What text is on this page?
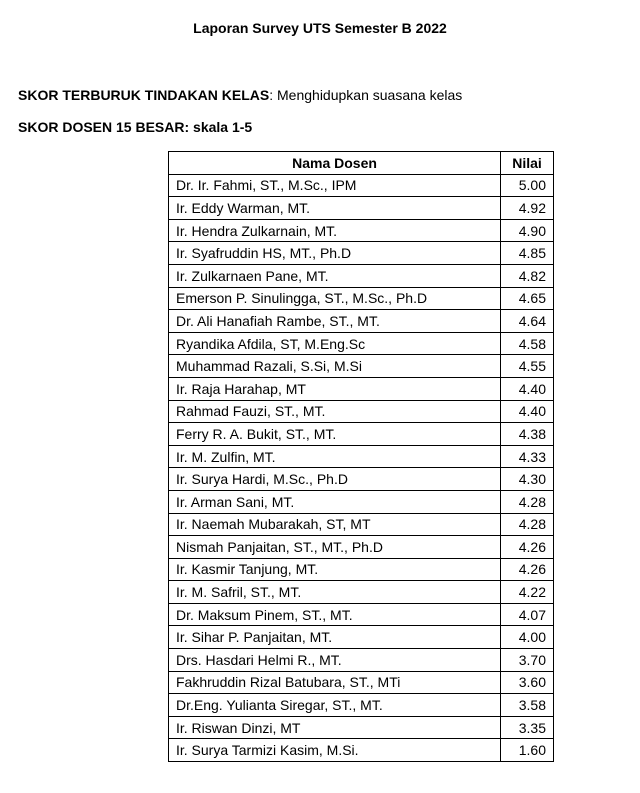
Laporan Survey UTS Semester B 2022
SKOR TERBURUK TINDAKAN KELAS: Menghidupkan suasana kelas
SKOR DOSEN 15 BESAR: skala 1-5
Nama Dosen	Nilai
Dr. Ir. Fahmi, ST., M.Sc., IPM	5.00
Ir. Eddy Warman, MT.	4.92
Ir. Hendra Zulkarnain, MT.	4.90
Ir. Syafruddin HS, MT., Ph.D	4.85
Ir. Zulkarnaen Pane, MT.	4.82
Emerson P. Sinulingga, ST., M.Sc., Ph.D	4.65
Dr. Ali Hanafiah Rambe, ST., MT.	4.64
Ryandika Afdila, ST, M.Eng.Sc	4.58
Muhammad Razali, S.Si, M.Si	4.55
Ir. Raja Harahap, MT	4.40
Rahmad Fauzi, ST., MT.	4.40
Ferry R. A. Bukit, ST., MT.	4.38
Ir. M. Zulfin, MT.	4.33
Ir. Surya Hardi, M.Sc., Ph.D	4.30
Ir. Arman Sani, MT.	4.28
Ir. Naemah Mubarakah, ST, MT	4.28
Nismah Panjaitan, ST., MT., Ph.D	4.26
Ir. Kasmir Tanjung, MT.	4.26
Ir. M. Safril, ST., MT.	4.22
Dr. Maksum Pinem, ST., MT.	4.07
Ir. Sihar P. Panjaitan, MT.	4.00
Drs. Hasdari Helmi R., MT.	3.70
Fakhruddin Rizal Batubara, ST., MTi	3.60
Dr.Eng. Yulianta Siregar, ST., MT.	3.58
Ir. Riswan Dinzi, MT	3.35
Ir. Surya Tarmizi Kasim, M.Si.	1.60
